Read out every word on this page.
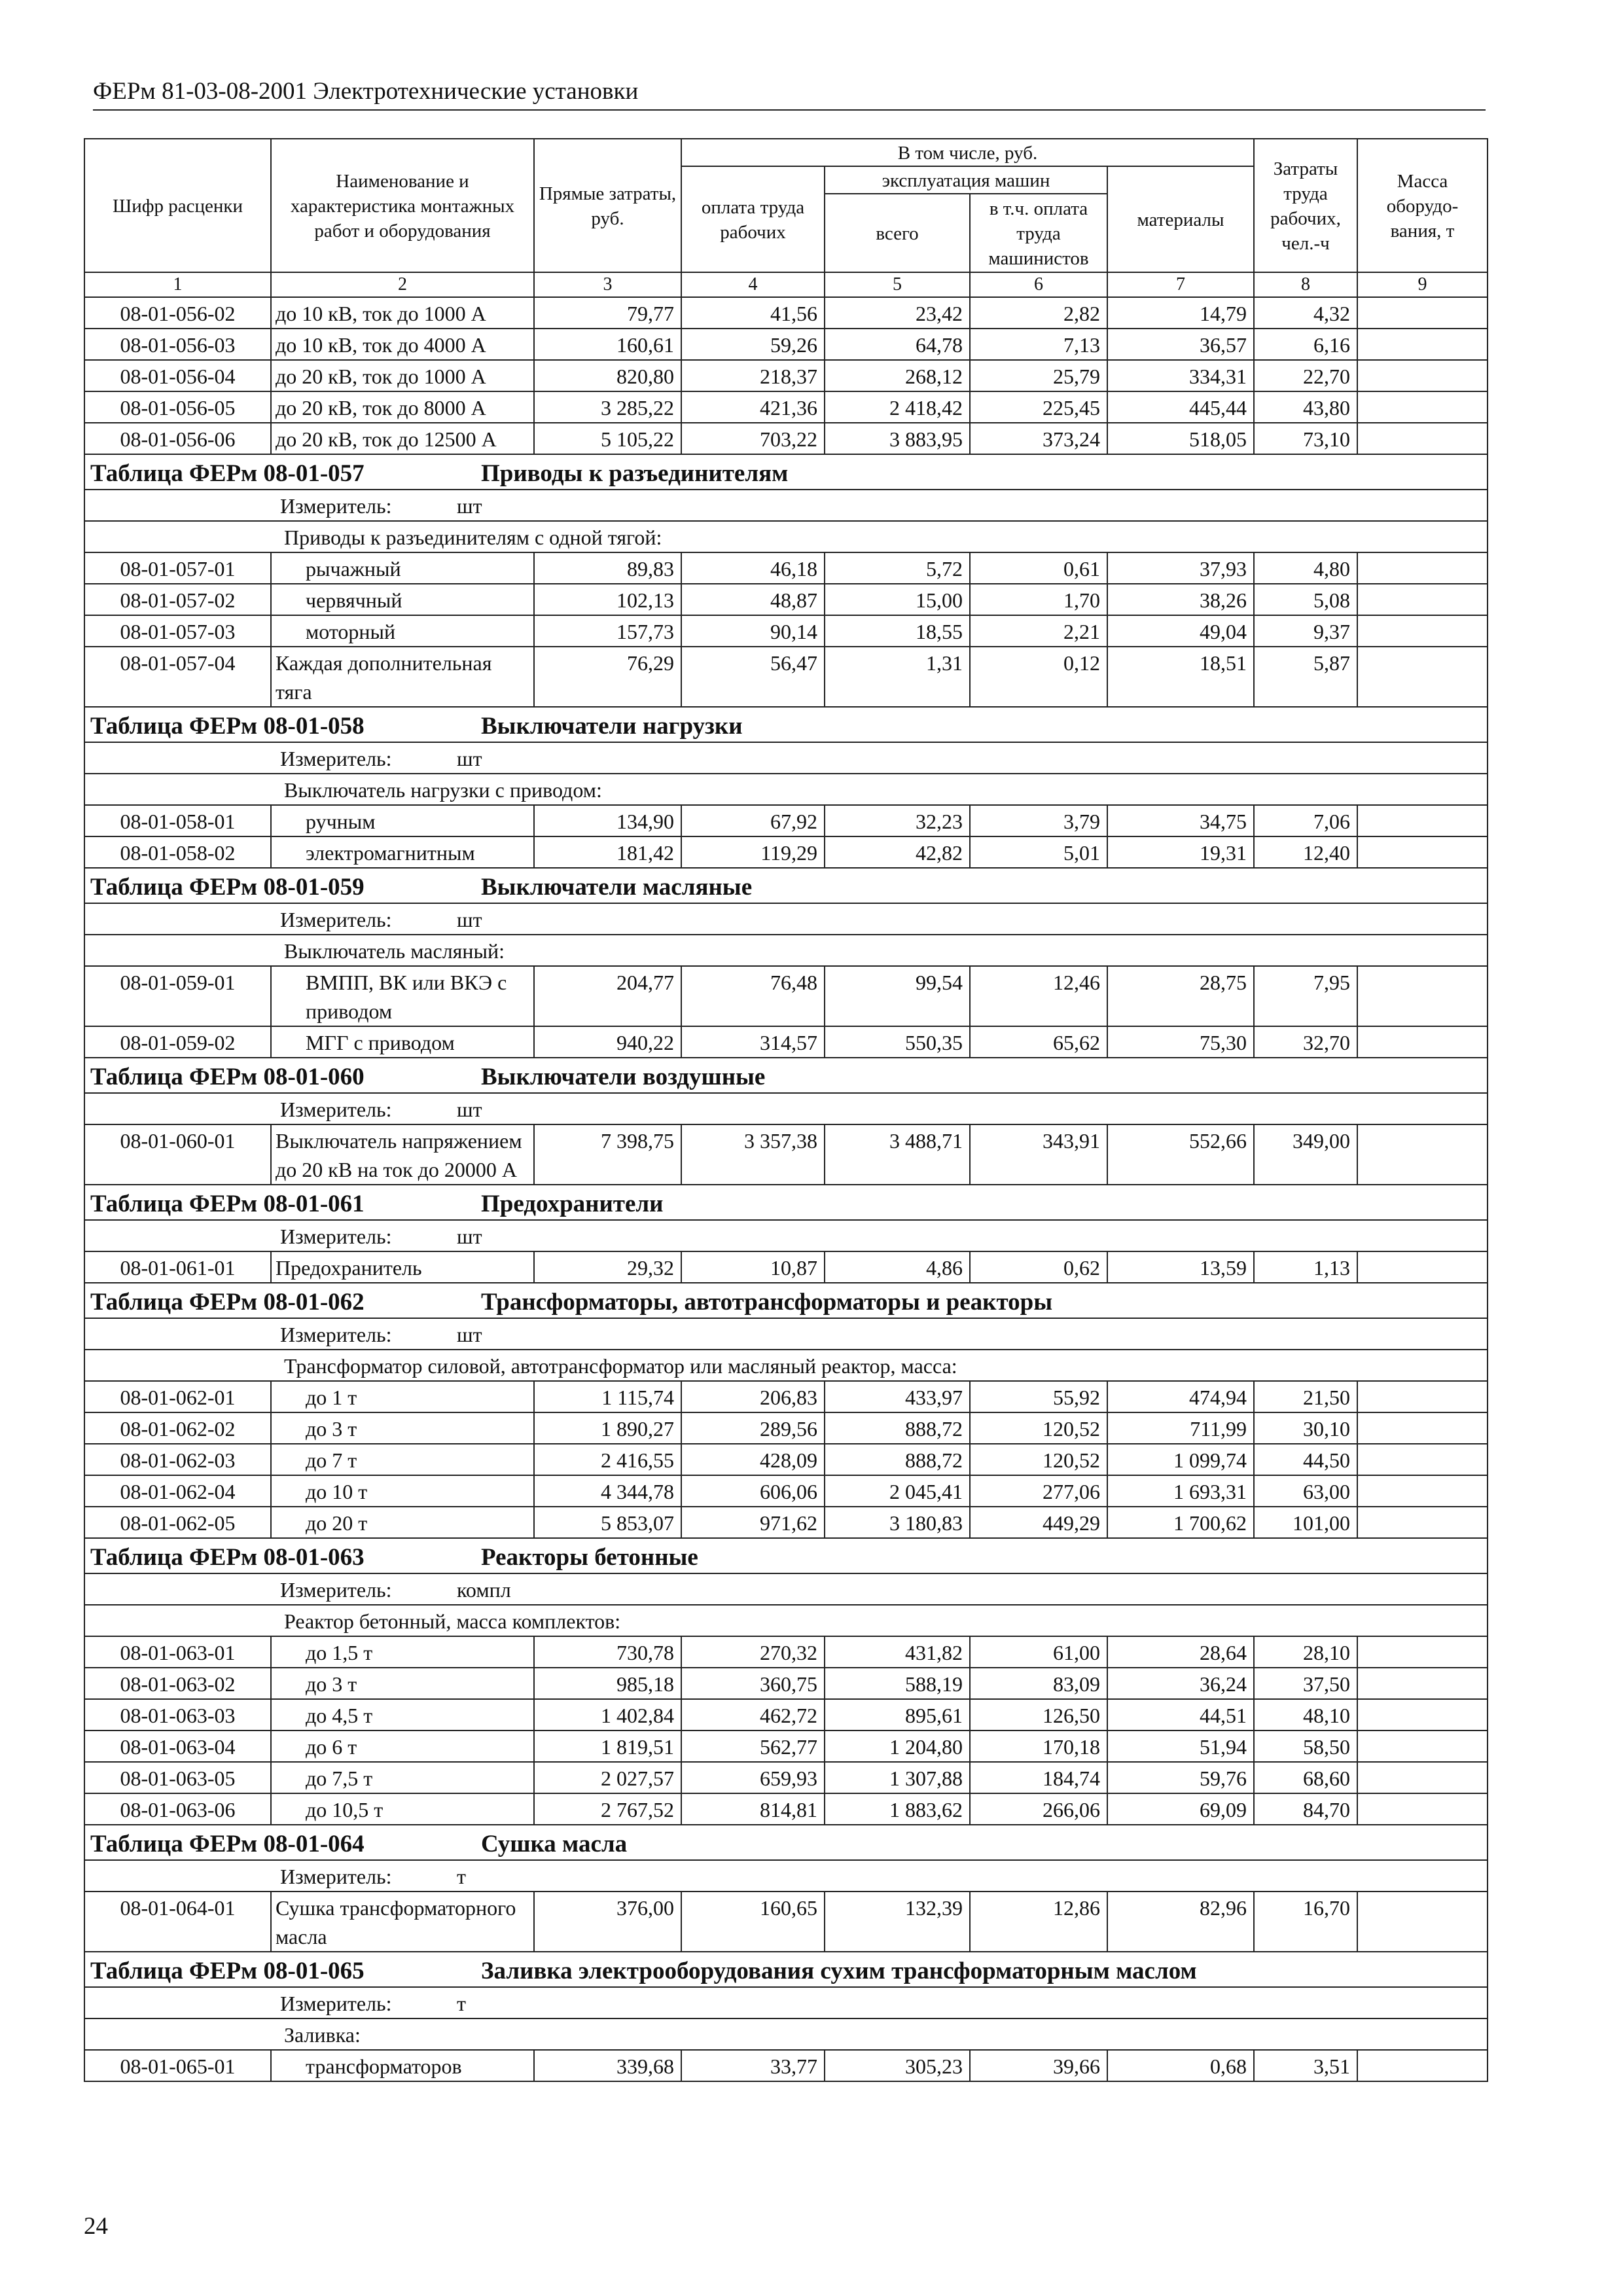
ФЕРм 81-03-08-2001 Электротехнические установки
Шифр расценки	Наименование и характеристика монтажных работ и оборудования	Прямые затраты, руб.	В том числе, руб.				Затраты труда рабочих, чел.-ч	Масса оборудо-вания, т
			оплата труда рабочих	эксплуатация машин		материалы		
				всего	в т.ч. оплата труда машинистов			
1	2	3	4	5	6	7	8	9
08-01-056-02	до 10 кВ, ток до 1000 А	79,77	41,56	23,42	2,82	14,79	4,32	
08-01-056-03	до 10 кВ, ток до 4000 А	160,61	59,26	64,78	7,13	36,57	6,16	
08-01-056-04	до 20 кВ, ток до 1000 А	820,80	218,37	268,12	25,79	334,31	22,70	
08-01-056-05	до 20 кВ, ток до 8000 А	3 285,22	421,36	2 418,42	225,45	445,44	43,80	
08-01-056-06	до 20 кВ, ток до 12500 А	5 105,22	703,22	3 883,95	373,24	518,05	73,10	
Таблица ФЕРм 08-01-057 Приводы к разъединителям								
Измеритель: шт								
Приводы к разъединителям с одной тягой:								
08-01-057-01	рычажный	89,83	46,18	5,72	0,61	37,93	4,80	
08-01-057-02	червячный	102,13	48,87	15,00	1,70	38,26	5,08	
08-01-057-03	моторный	157,73	90,14	18,55	2,21	49,04	9,37	
08-01-057-04	Каждая дополнительная тяга	76,29	56,47	1,31	0,12	18,51	5,87	
Таблица ФЕРм 08-01-058 Выключатели нагрузки								
Измеритель: шт								
Выключатель нагрузки с приводом:								
08-01-058-01	ручным	134,90	67,92	32,23	3,79	34,75	7,06	
08-01-058-02	электромагнитным	181,42	119,29	42,82	5,01	19,31	12,40	
Таблица ФЕРм 08-01-059 Выключатели масляные								
Измеритель: шт								
Выключатель масляный:								
08-01-059-01	ВМПП, ВК или ВКЭ с приводом	204,77	76,48	99,54	12,46	28,75	7,95	
08-01-059-02	МГГ с приводом	940,22	314,57	550,35	65,62	75,30	32,70	
Таблица ФЕРм 08-01-060 Выключатели воздушные								
Измеритель: шт								
08-01-060-01	Выключатель напряжением до 20 кВ на ток до 20000 А	7 398,75	3 357,38	3 488,71	343,91	552,66	349,00	
Таблица ФЕРм 08-01-061 Предохранители								
Измеритель: шт								
08-01-061-01	Предохранитель	29,32	10,87	4,86	0,62	13,59	1,13	
Таблица ФЕРм 08-01-062 Трансформаторы, автотрансформаторы и реакторы								
Измеритель: шт								
Трансформатор силовой, автотрансформатор или масляный реактор, масса:								
08-01-062-01	до 1 т	1 115,74	206,83	433,97	55,92	474,94	21,50	
08-01-062-02	до 3 т	1 890,27	289,56	888,72	120,52	711,99	30,10	
08-01-062-03	до 7 т	2 416,55	428,09	888,72	120,52	1 099,74	44,50	
08-01-062-04	до 10 т	4 344,78	606,06	2 045,41	277,06	1 693,31	63,00	
08-01-062-05	до 20 т	5 853,07	971,62	3 180,83	449,29	1 700,62	101,00	
Таблица ФЕРм 08-01-063 Реакторы бетонные								
Измеритель: компл								
Реактор бетонный, масса комплектов:								
08-01-063-01	до 1,5 т	730,78	270,32	431,82	61,00	28,64	28,10	
08-01-063-02	до 3 т	985,18	360,75	588,19	83,09	36,24	37,50	
08-01-063-03	до 4,5 т	1 402,84	462,72	895,61	126,50	44,51	48,10	
08-01-063-04	до 6 т	1 819,51	562,77	1 204,80	170,18	51,94	58,50	
08-01-063-05	до 7,5 т	2 027,57	659,93	1 307,88	184,74	59,76	68,60	
08-01-063-06	до 10,5 т	2 767,52	814,81	1 883,62	266,06	69,09	84,70	
Таблица ФЕРм 08-01-064 Сушка масла								
Измеритель: т								
08-01-064-01	Сушка трансформаторного масла	376,00	160,65	132,39	12,86	82,96	16,70	
Таблица ФЕРм 08-01-065 Заливка электрооборудования сухим трансформаторным маслом								
Измеритель: т								
Заливка:								
08-01-065-01	трансформаторов	339,68	33,77	305,23	39,66	0,68	3,51	
24
